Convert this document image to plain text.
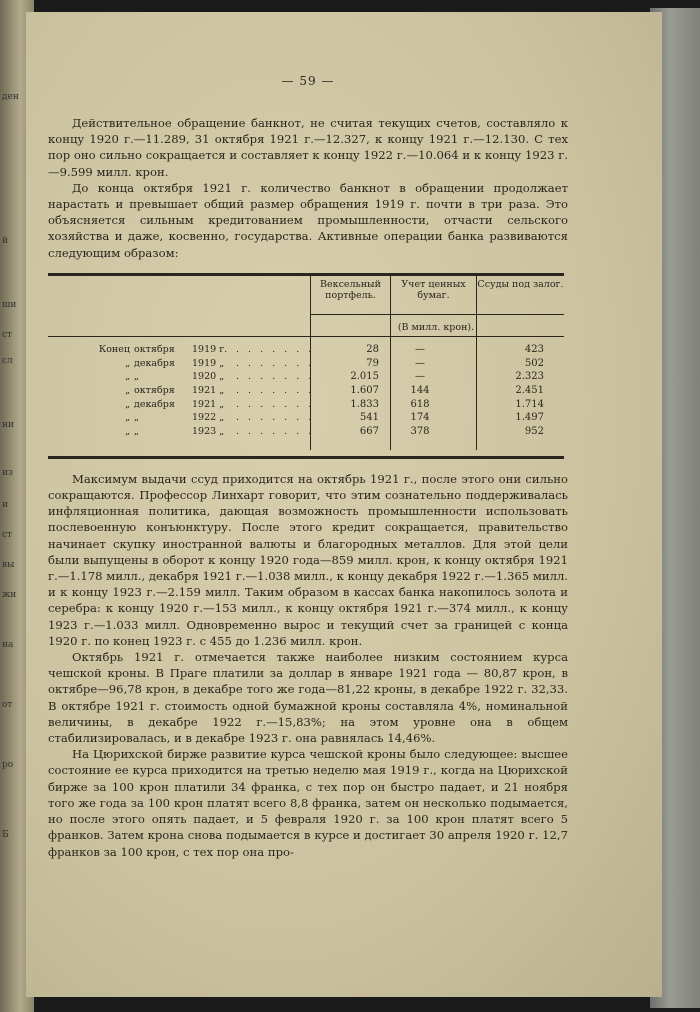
ден
й
ши
ст
сл
ни
из
и
ст
вы
жи
на
от
ро
Б
— 59 —

Действительное обращение банкнот, не считая текущих счетов, составляло к концу 1920 г.—11.289, 31 октября 1921 г.—12.327, к концу 1921 г.—12.130. С тех пор оно сильно сокращается и составляет к концу 1922 г.—10.064 и к концу 1923 г.—9.599 милл. крон.

До конца октября 1921 г. количество банкнот в обращении продолжает нарастать и превышает общий размер обращения 1919 г. почти в три раза. Это объясняется сильным кредитованием промышленности, отчасти сельского хозяйства и даже, косвенно, государства. Активные операции банка развиваются следующим образом:

Вексельный портфель.
Учет ценных бумаг.
Ссуды под залог.
(В милл. крон).
Конец октября 1919 г. . . . . . . .	28	—	423
„ декабря 1919 „ . . . . . . .	79	—	502
„ „	1920 „ . . . . . . .	2.015	—	2.323
„ октября 1921 „ . . . . . . .	1.607	144	2.451
„ декабря 1921 „ . . . . . . .	1.833	618	1.714
„ „	1922 „ . . . . . . .	541	174	1.497
„ „	1923 „ . . . . . . .	667	378	952

Максимум выдачи ссуд приходится на октябрь 1921 г., после этого они сильно сокращаются. Профессор Линхарт говорит, что этим сознательно поддерживалась инфляционная политика, дающая возможность промышленности использовать послевоенную конъюнктуру. После этого кредит сокращается, правительство начинает скупку иностранной валюты и благородных металлов. Для этой цели были выпущены в оборот к концу 1920 года—859 милл. крон, к концу октября 1921 г.—1.178 милл., декабря 1921 г.—1.038 милл., к концу декабря 1922 г.—1.365 милл. и к концу 1923 г.—2.159 милл. Таким образом в кассах банка накопилось золота и серебра: к концу 1920 г.—153 милл., к концу октября 1921 г.—374 милл., к концу 1923 г.—1.033 милл. Одновременно вырос и текущий счет за границей с конца 1920 г. по конец 1923 г. с 455 до 1.236 милл. крон.

Октябрь 1921 г. отмечается также наиболее низким состоянием курса чешской кроны. В Праге платили за доллар в январе 1921 года — 80,87 крон, в октябре—96,78 крон, в декабре того же года—81,22 кроны, в декабре 1922 г. 32,33. В октябре 1921 г. стоимость одной бумажной кроны составляла 4%, номинальной величины, в декабре 1922 г.—15,83%; на этом уровне она в общем стабилизировалась, и в декабре 1923 г. она равнялась 14,46%.

На Цюрихской бирже развитие курса чешской кроны было следующее: высшее состояние ее курса приходится на третью неделю мая 1919 г., когда на Цюрихской бирже за 100 крон платили 34 франка, с тех пор он быстро падает, и 21 ноября того же года за 100 крон платят всего 8,8 франка, затем он несколько подымается, но после этого опять падает, и 5 февраля 1920 г. за 100 крон платят всего 5 франков. Затем крона снова подымается в курсе и достигает 30 апреля 1920 г. 12,7 франков за 100 крон, с тех пор она про-
